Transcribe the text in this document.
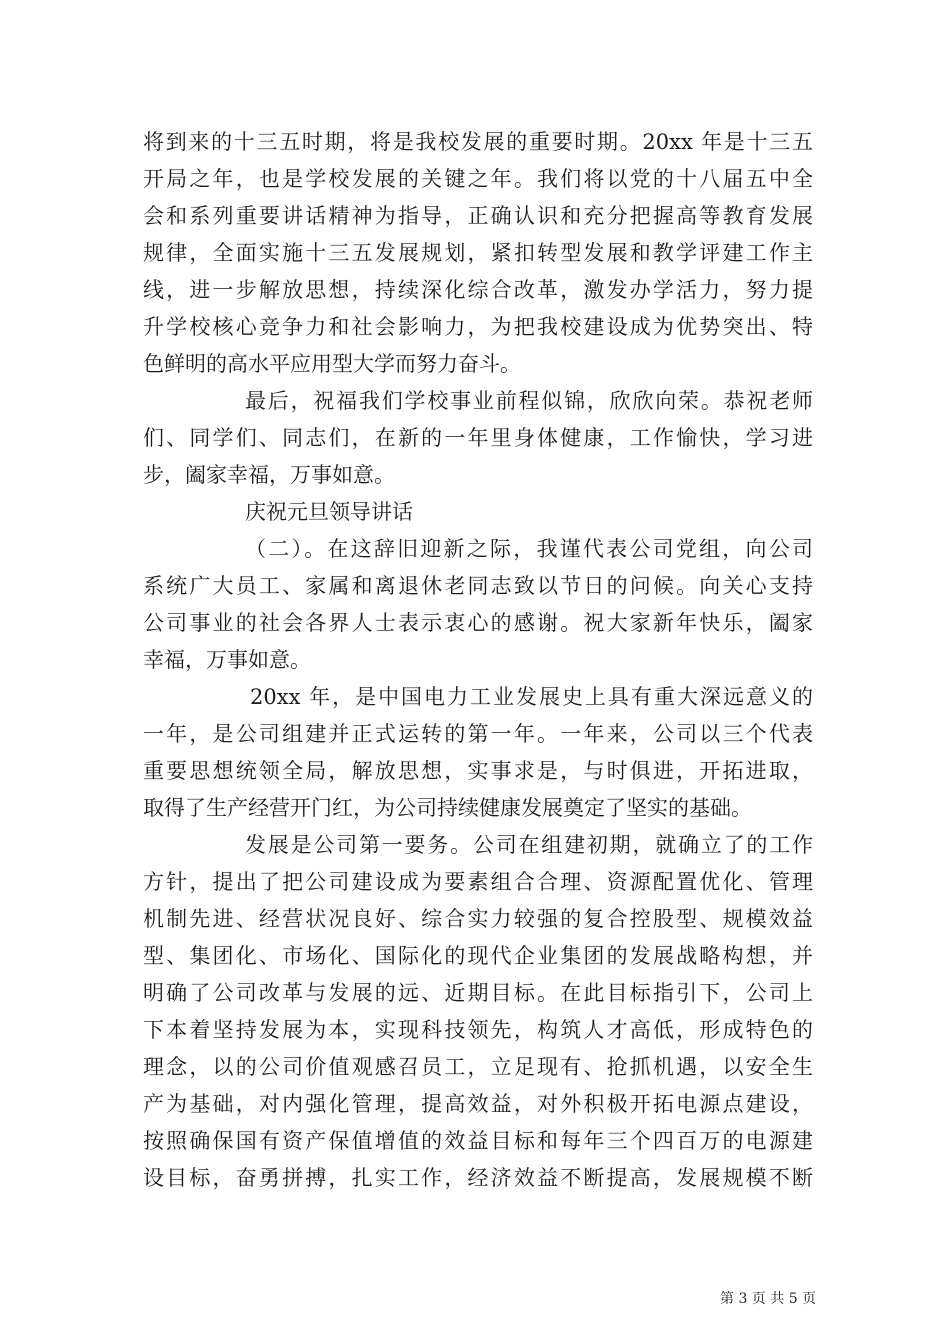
将到来的十三五时期，将是我校发展的重要时期。20xx 年是十三五
开局之年，也是学校发展的关键之年。我们将以党的十八届五中全
会和系列重要讲话精神为指导，正确认识和充分把握高等教育发展
规律，全面实施十三五发展规划，紧扣转型发展和教学评建工作主
线，进一步解放思想，持续深化综合改革，激发办学活力，努力提
升学校核心竞争力和社会影响力，为把我校建设成为优势突出、特
色鲜明的高水平应用型大学而努力奋斗。
最后，祝福我们学校事业前程似锦，欣欣向荣。恭祝老师
们、同学们、同志们，在新的一年里身体健康，工作愉快，学习进
步，阖家幸福，万事如意。
庆祝元旦领导讲话
（二）。在这辞旧迎新之际，我谨代表公司党组，向公司
系统广大员工、家属和离退休老同志致以节日的问候。向关心支持
公司事业的社会各界人士表示衷心的感谢。祝大家新年快乐，阖家
幸福，万事如意。
20xx 年，是中国电力工业发展史上具有重大深远意义的
一年，是公司组建并正式运转的第一年。一年来，公司以三个代表
重要思想统领全局，解放思想，实事求是，与时俱进，开拓进取，
取得了生产经营开门红，为公司持续健康发展奠定了坚实的基础。
发展是公司第一要务。公司在组建初期，就确立了的工作
方针，提出了把公司建设成为要素组合合理、资源配置优化、管理
机制先进、经营状况良好、综合实力较强的复合控股型、规模效益
型、集团化、市场化、国际化的现代企业集团的发展战略构想，并
明确了公司改革与发展的远、近期目标。在此目标指引下，公司上
下本着坚持发展为本，实现科技领先，构筑人才高低，形成特色的
理念，以的公司价值观感召员工，立足现有、抢抓机遇，以安全生
产为基础，对内强化管理，提高效益，对外积极开拓电源点建设，
按照确保国有资产保值增值的效益目标和每年三个四百万的电源建
设目标，奋勇拼搏，扎实工作，经济效益不断提高，发展规模不断
第 3 页 共 5 页
